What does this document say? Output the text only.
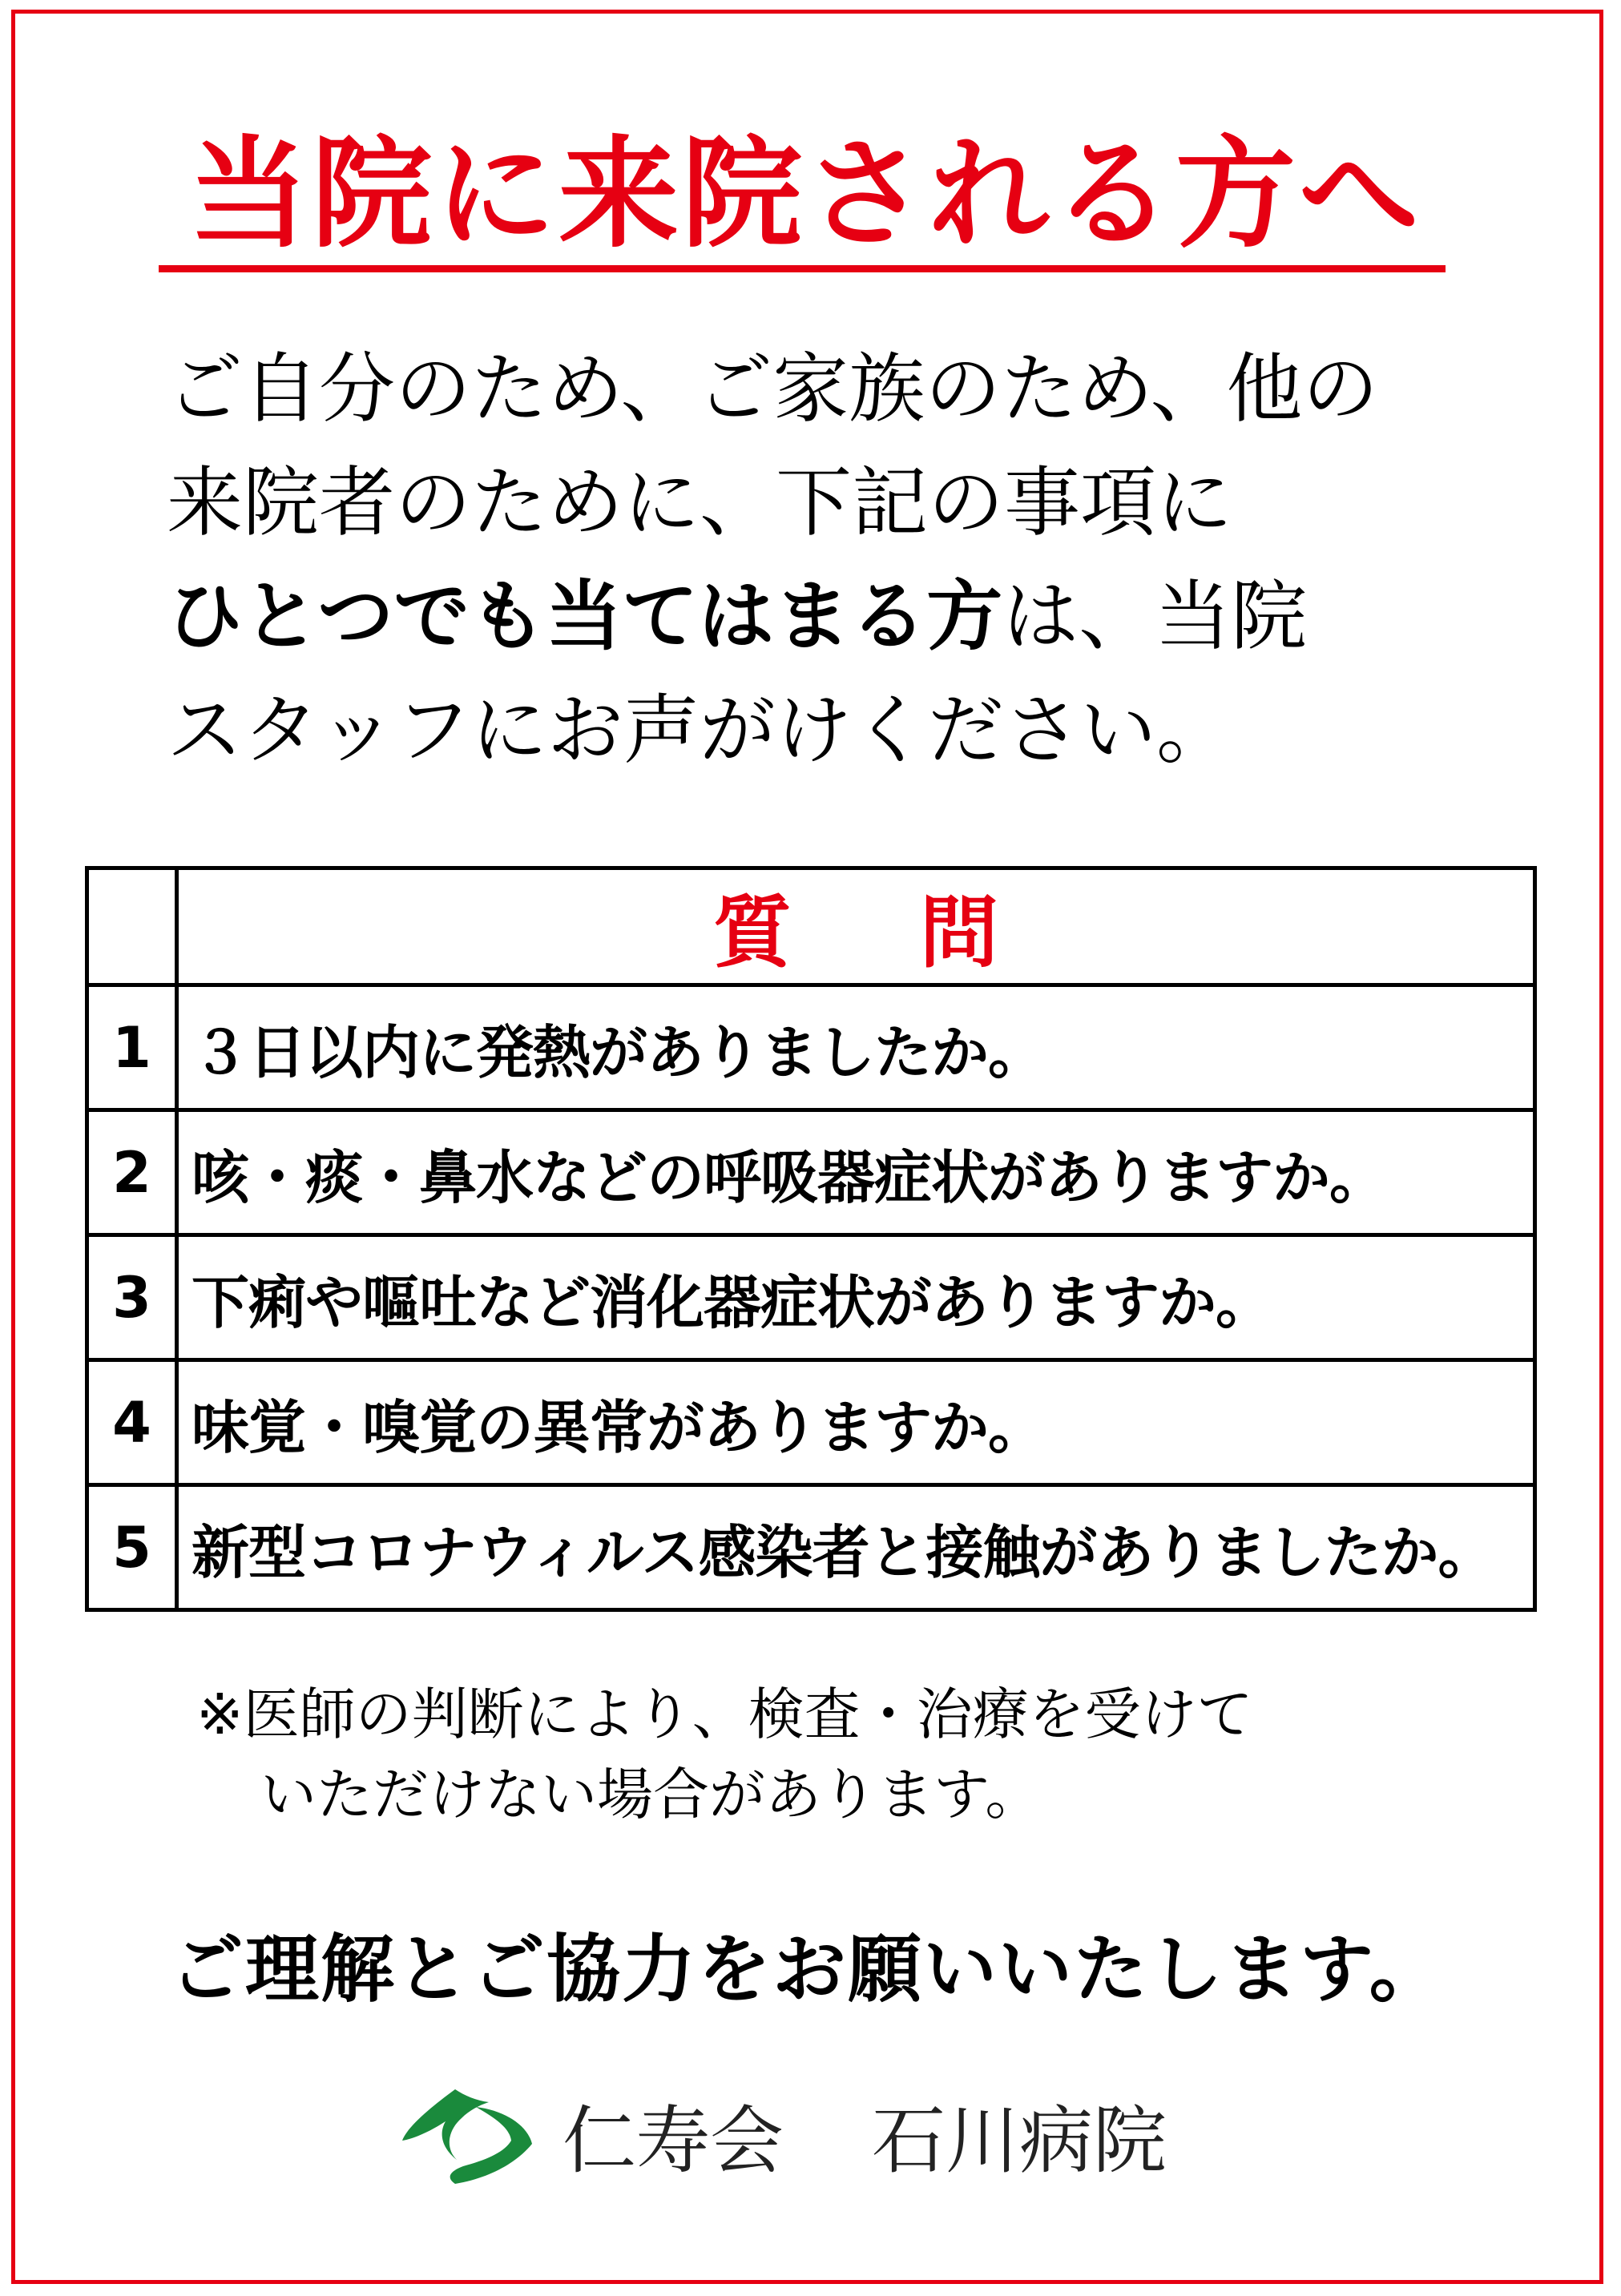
当院に来院される方へ
ご自分のため、ご家族のため、他の
来院者のために、下記の事項に
ひとつでも当てはまる方は、当院
スタッフにお声がけください。
	質問
1	３日以内に発熱がありましたか。
2	咳・痰・鼻水などの呼吸器症状がありますか。
3	下痢や嘔吐など消化器症状がありますか。
4	味覚・嗅覚の異常がありますか。
5	新型コロナウィルス感染者と接触がありましたか。
※医師の判断により、検査・治療を受けて
いただけない場合があります。
ご理解とご協力をお願いいたします。
仁寿会 石川病院
